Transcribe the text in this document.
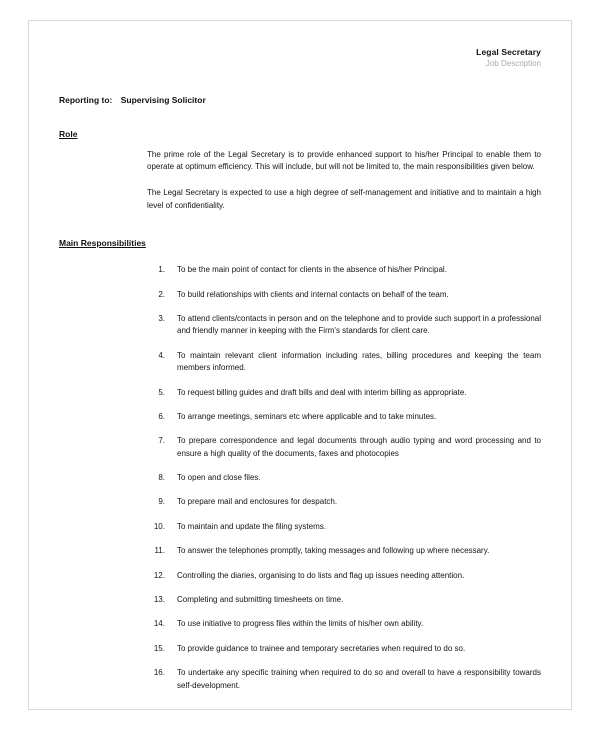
Legal Secretary
Job Description
Reporting to: Supervising Solicitor
Role

The prime role of the Legal Secretary is to provide enhanced support to his/her Principal to enable them to operate at optimum efficiency. This will include, but will not be limited to, the main responsibilities given below.

The Legal Secretary is expected to use a high degree of self-management and initiative and to maintain a high level of confidentiality.

Main Responsibilities
To be the main point of contact for clients in the absence of his/her Principal.
To build relationships with clients and internal contacts on behalf of the team.
To attend clients/contacts in person and on the telephone and to provide such support in a professional and friendly manner in keeping with the Firm's standards for client care.
To maintain relevant client information including rates, billing procedures and keeping the team members informed.
To request billing guides and draft bills and deal with interim billing as appropriate.
To arrange meetings, seminars etc where applicable and to take minutes.
To prepare correspondence and legal documents through audio typing and word processing and to ensure a high quality of the documents, faxes and photocopies
To open and close files.
To prepare mail and enclosures for despatch.
To maintain and update the filing systems.
To answer the telephones promptly, taking messages and following up where necessary.
Controlling the diaries, organising to do lists and flag up issues needing attention.
Completing and submitting timesheets on time.
To use initiative to progress files within the limits of his/her own ability.
To provide guidance to trainee and temporary secretaries when required to do so.
To undertake any specific training when required to do so and overall to have a responsibility towards self-development.
